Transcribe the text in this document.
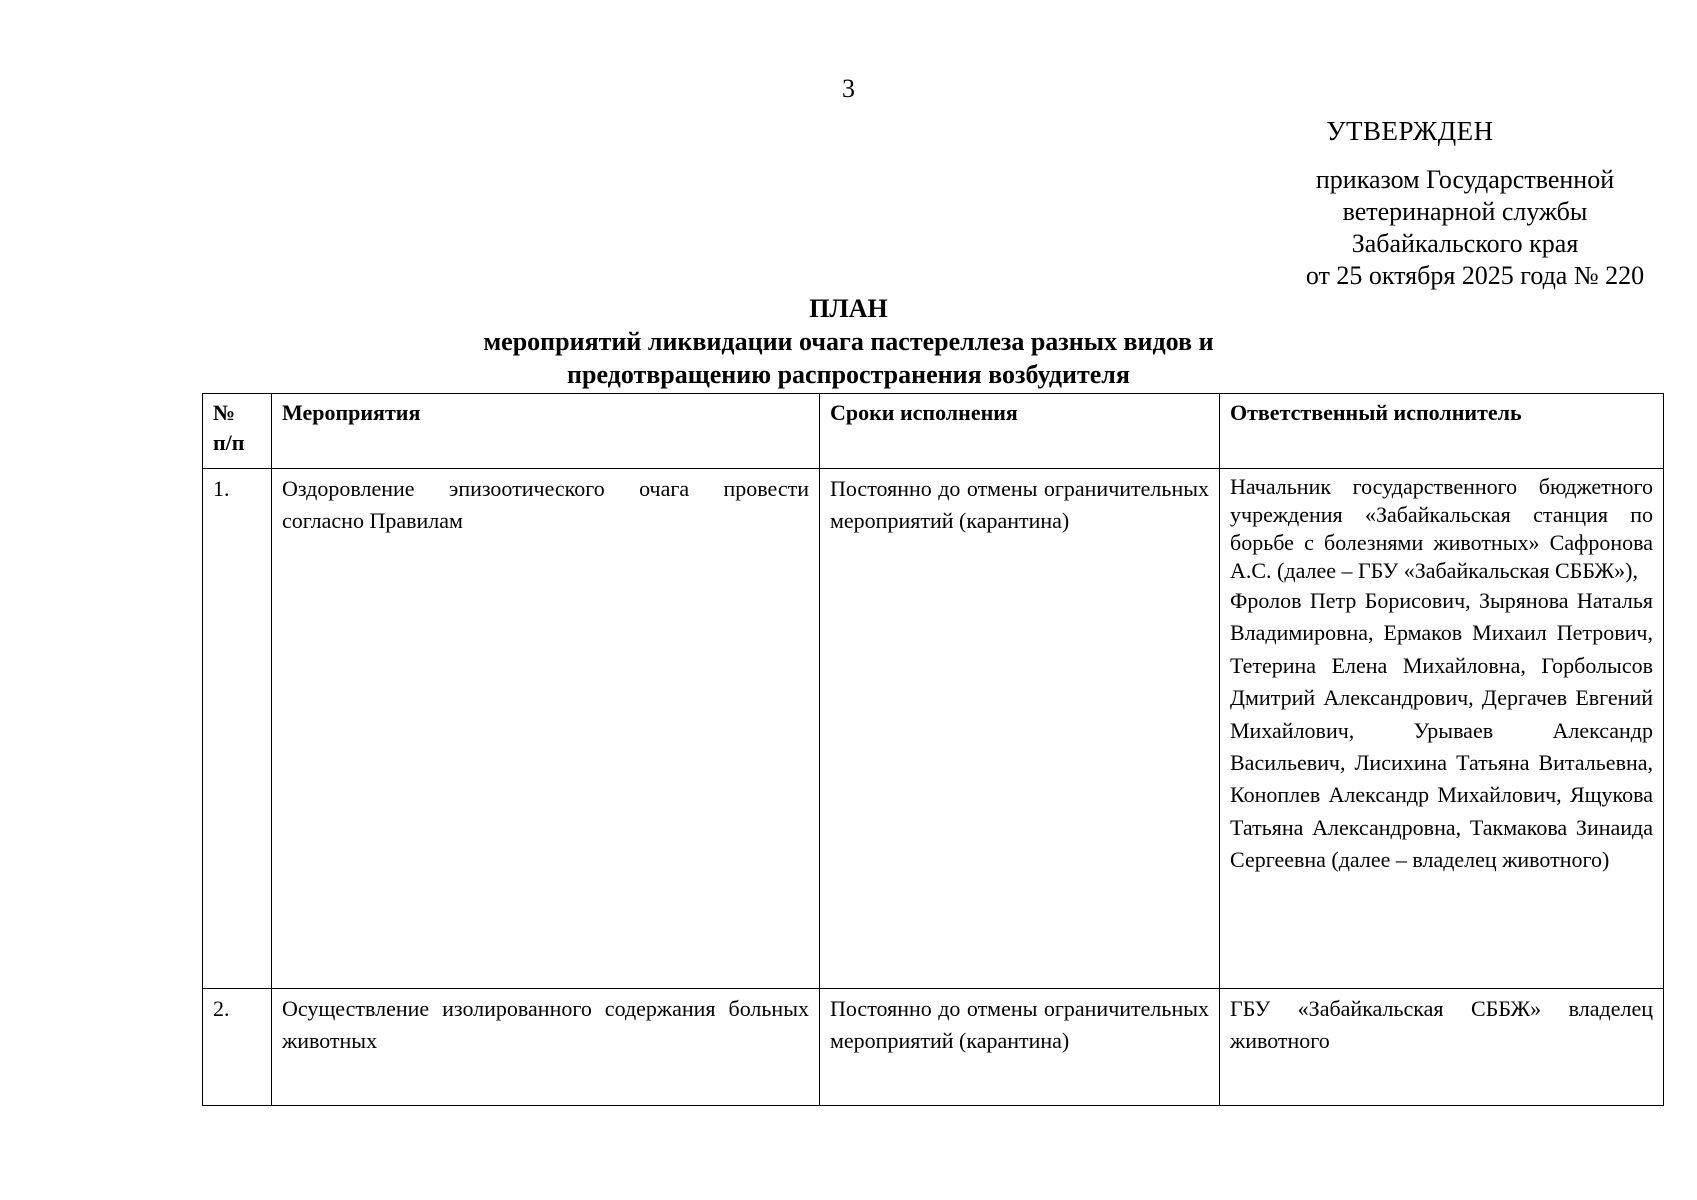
3
УТВЕРЖДЕН
приказом Государственной
ветеринарной службы
Забайкальского края
от 25 октября 2025 года № 220
ПЛАН
мероприятий ликвидации очага пастереллеза разных видов и
предотвращению распространения возбудителя
№ п/п	Мероприятия	Сроки исполнения	Ответственный исполнитель

1.	Оздоровление эпизоотического очага провести согласно Правилам	Постоянно до отмены ограничительных мероприятий (карантина)	Начальник государственного бюджетного учреждения «Забайкальская станция по борьбе с болезнями животных» Сафронова А.С. (далее – ГБУ «Забайкальская СББЖ»),
Фролов Петр Борисович, Зырянова Наталья Владимировна, Ермаков Михаил Петрович, Тетерина Елена Михайловна, Горболысов Дмитрий Александрович, Дергачев Евгений Михайлович, Урываев Александр Васильевич, Лисихина Татьяна Витальевна, Коноплев Александр Михайлович, Ящукова Татьяна Александровна, Такмакова Зинаида Сергеевна (далее – владелец животного)

2.	Осуществление изолированного содержания больных животных	Постоянно до отмены ограничительных мероприятий (карантина)	ГБУ «Забайкальская СББЖ» владелец животного
